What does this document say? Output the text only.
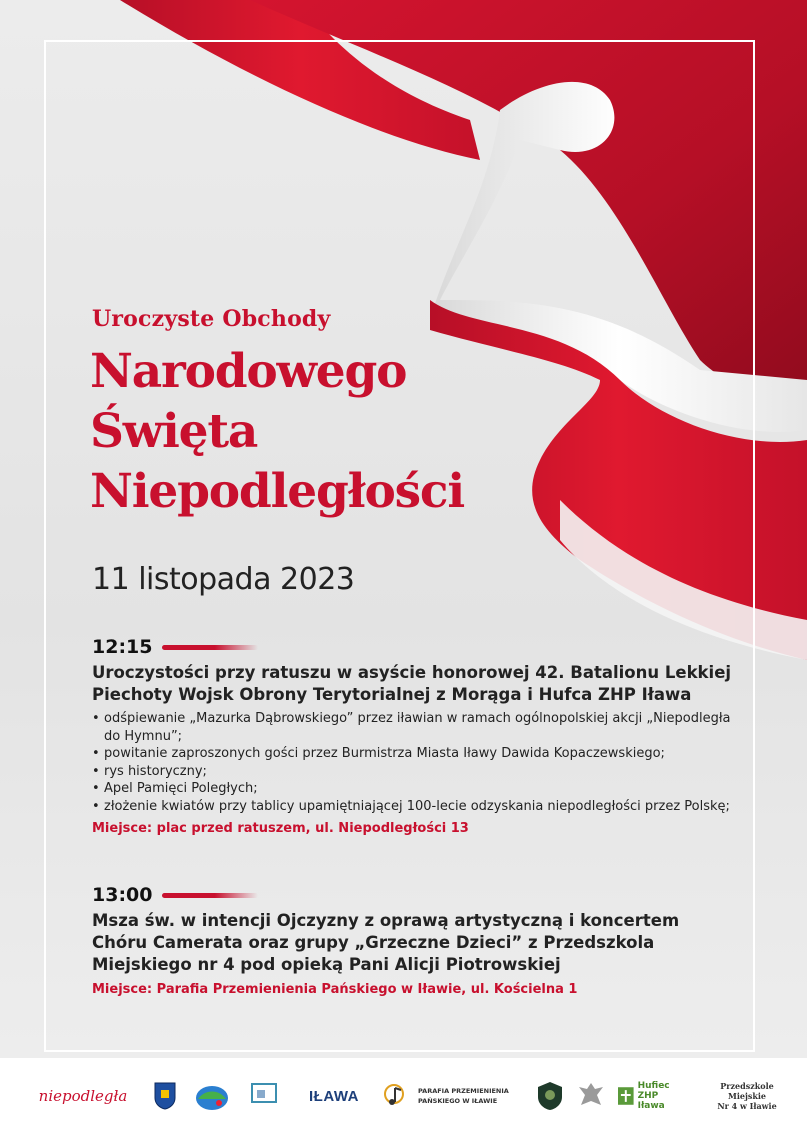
Uroczyste Obchody
Narodowego
Święta
Niepodległości
11 listopada 2023
12:15
Uroczystości przy ratuszu w asyście honorowej 42. Batalionu Lekkiej Piechoty Wojsk Obrony Terytorialnej z Morąga i Hufca ZHP Iława
• odśpiewanie „Mazurka Dąbrowskiego” przez iławian w ramach ogólnopolskiej akcji „Niepodległa do Hymnu”;
• powitanie zaproszonych gości przez Burmistrza Miasta Iławy Dawida Kopaczewskiego;
• rys historyczny;
• Apel Pamięci Poległych;
• złożenie kwiatów przy tablicy upamiętniającej 100-lecie odzyskania niepodległości przez Polskę;
Miejsce: plac przed ratuszem, ul. Niepodległości 13
13:00
Msza św. w intencji Ojczyzny z oprawą artystyczną i koncertem Chóru Camerata oraz grupy „Grzeczne Dzieci” z Przedszkola Miejskiego nr 4 pod opieką Pani Alicji Piotrowskiej
Miejsce: Parafia Przemienienia Pańskiego w Iławie, ul. Kościelna 1
niepodległa	IŁAWA	PARAFIA PRZEMIENIENIA
PAŃSKIEGO W IŁAWIE
Hufiec ZHP
Iława
Przedszkole Miejskie
Nr 4 w Iławie
